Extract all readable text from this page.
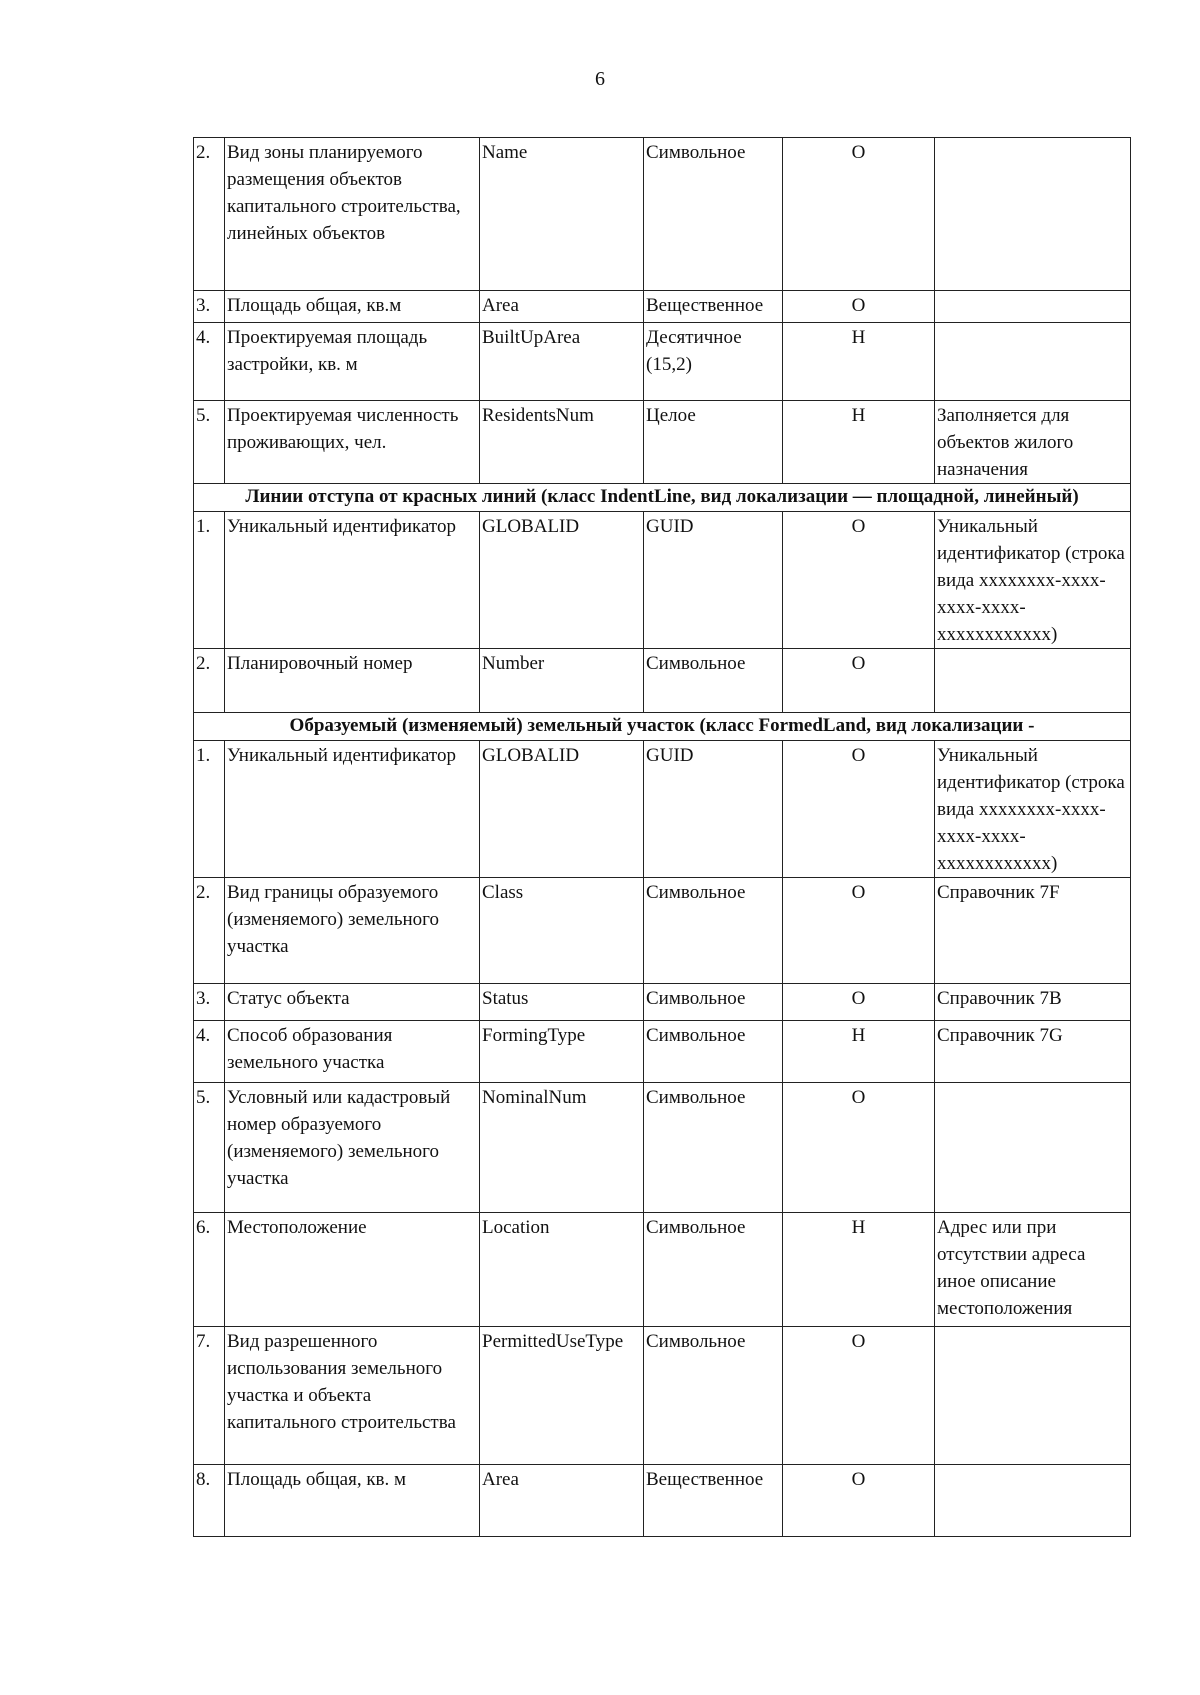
6
2.	Вид зоны планируемого размещения объектов капитального строительства, линейных объектов	Name	Символьное	О	
3.	Площадь общая, кв.м	Area	Вещественное	О	
4.	Проектируемая площадь застройки, кв. м	BuiltUpArea	Десятичное (15,2)	Н	
5.	Проектируемая численность проживающих, чел.	ResidentsNum	Целое	Н	Заполняется для объектов жилого назначения
Линии отступа от красных линий (класс IndentLine, вид локализации — площадной, линейный)					
1.	Уникальный идентификатор	GLOBALID	GUID	О	Уникальный идентификатор (строка вида xxxxxxxx-xxxx-xxxx-xxxx-xxxxxxxxxxxx)
2.	Планировочный номер	Number	Символьное	О	
Образуемый (изменяемый) земельный участок (класс FormedLand, вид локализации -					
1.	Уникальный идентификатор	GLOBALID	GUID	О	Уникальный идентификатор (строка вида xxxxxxxx-xxxx-xxxx-xxxx-xxxxxxxxxxxx)
2.	Вид границы образуемого (изменяемого) земельного участка	Class	Символьное	О	Справочник 7F
3.	Статус объекта	Status	Символьное	О	Справочник 7B
4.	Способ образования земельного участка	FormingType	Символьное	Н	Справочник 7G
5.	Условный или кадастровый номер образуемого (изменяемого) земельного участка	NominalNum	Символьное	О	
6.	Местоположение	Location	Символьное	Н	Адрес или при отсутствии адреса иное описание местоположения
7.	Вид разрешенного использования земельного участка и объекта капитального строительства	PermittedUseType	Символьное	О	
8.	Площадь общая, кв. м	Area	Вещественное	О	
